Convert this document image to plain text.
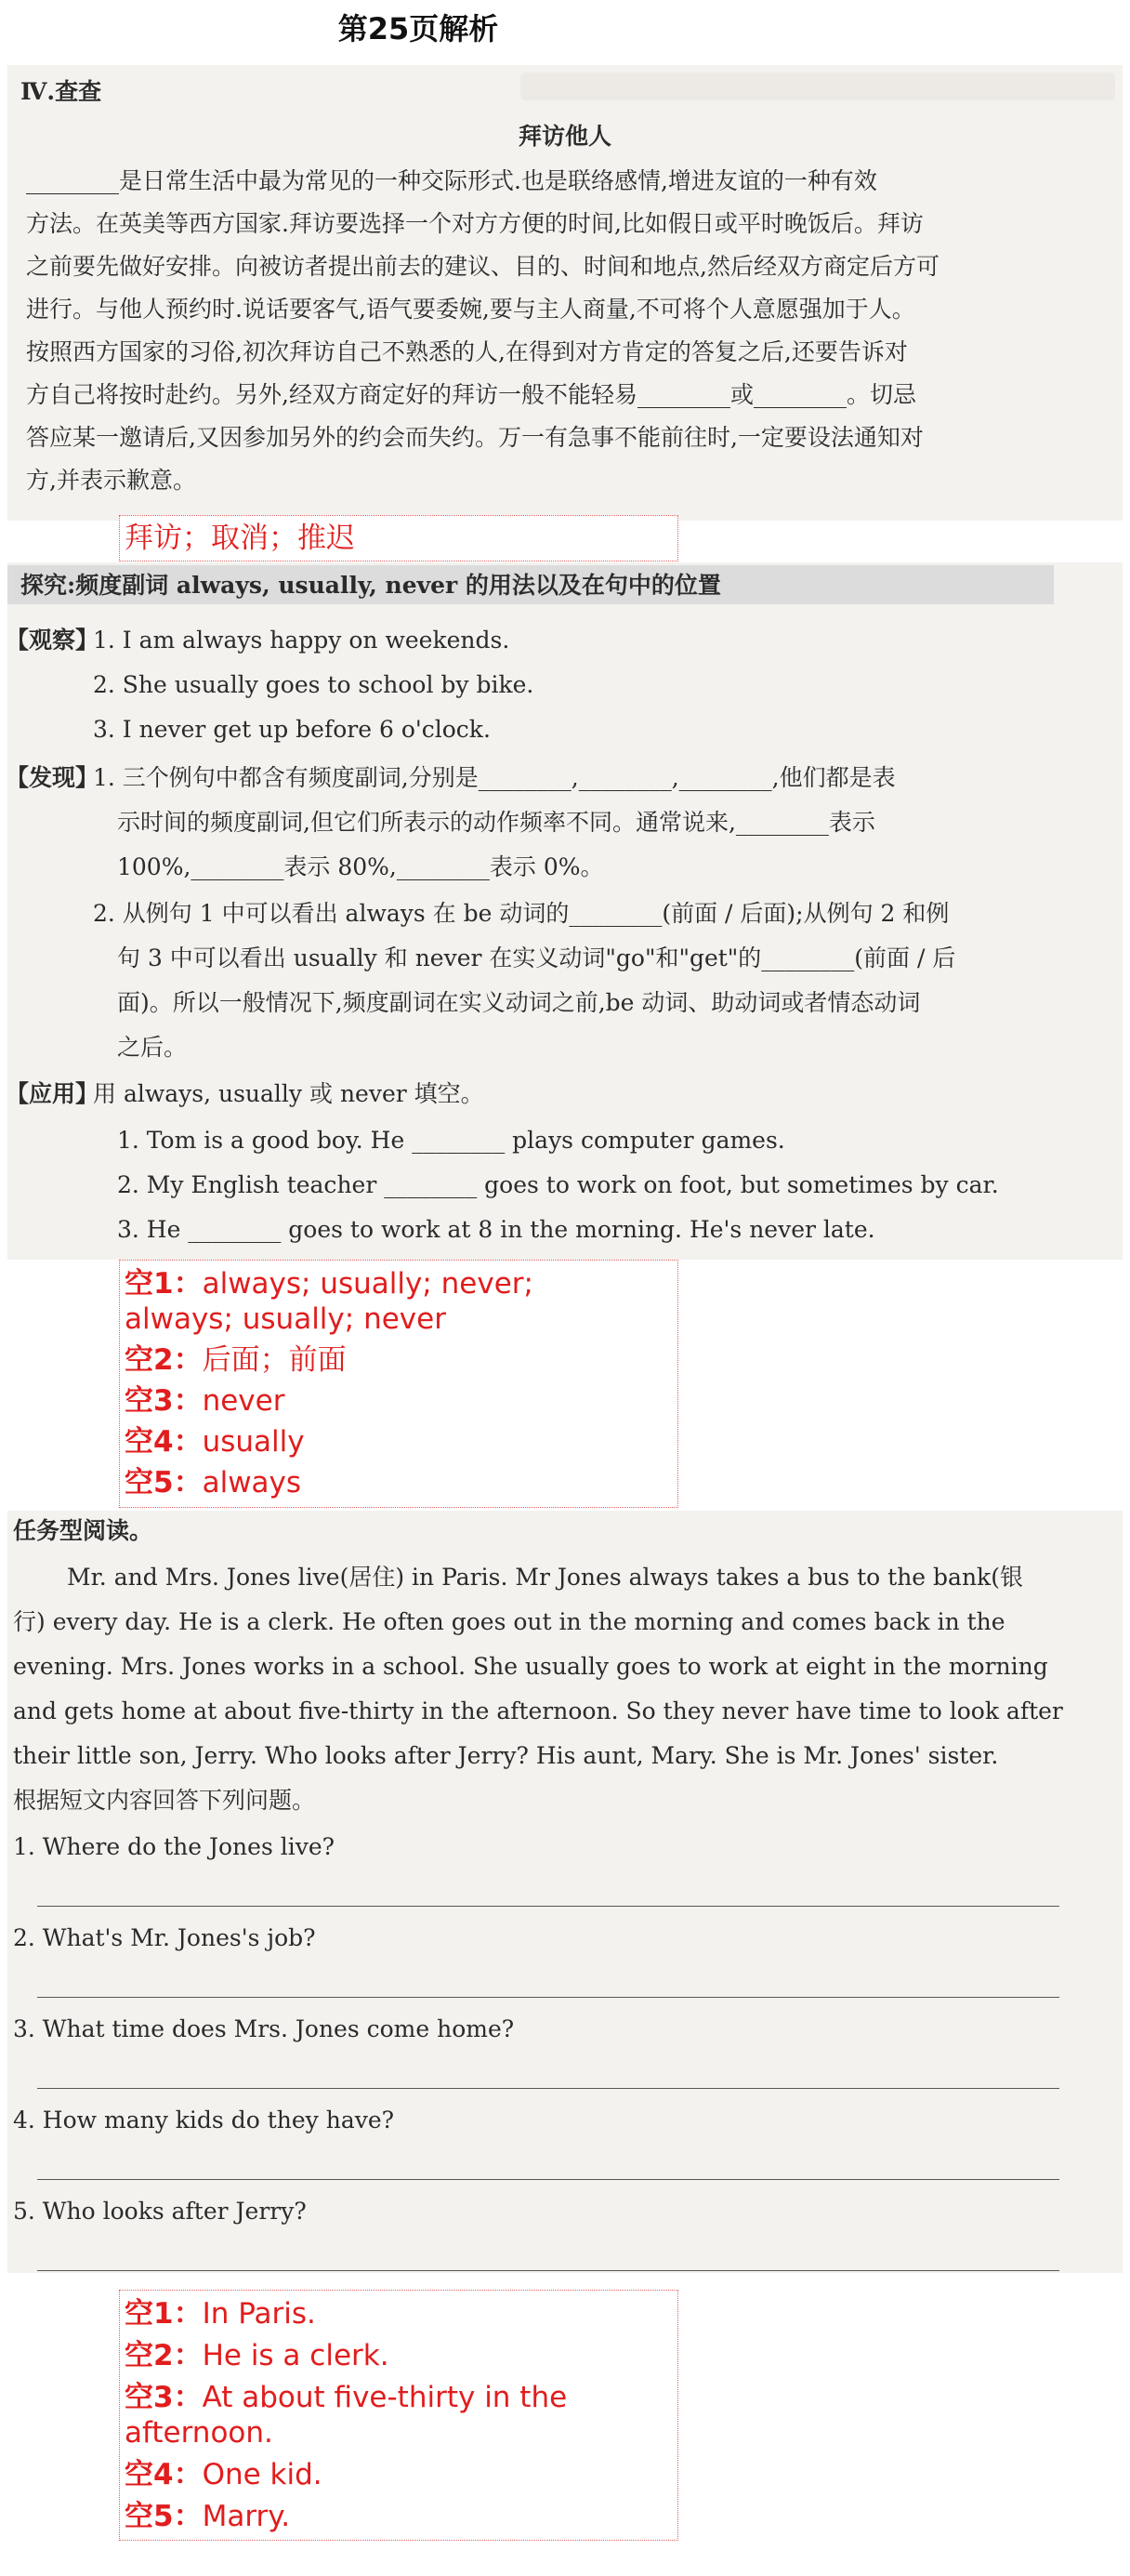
第25页解析
Ⅳ.查查
拜访他人
________是日常生活中最为常见的一种交际形式.也是联络感情,增进友谊的一种有效
方法。在英美等西方国家.拜访要选择一个对方方便的时间,比如假日或平时晚饭后。拜访
之前要先做好安排。向被访者提出前去的建议、目的、时间和地点,然后经双方商定后方可
进行。与他人预约时.说话要客气,语气要委婉,要与主人商量,不可将个人意愿强加于人。
按照西方国家的习俗,初次拜访自己不熟悉的人,在得到对方肯定的答复之后,还要告诉对
方自己将按时赴约。另外,经双方商定好的拜访一般不能轻易________或________。切忌
答应某一邀请后,又因参加另外的约会而失约。万一有急事不能前往时,一定要设法通知对
方,并表示歉意。
拜访；取消；推迟
探究:频度副词 always, usually, never 的用法以及在句中的位置
【观察】
1. I am always happy on weekends.
2. She usually goes to school by bike.
3. I never get up before 6 o'clock.
【发现】
1. 三个例句中都含有频度副词,分别是________,________,________,他们都是表
示时间的频度副词,但它们所表示的动作频率不同。通常说来,________表示
100%,________表示 80%,________表示 0%。
2. 从例句 1 中可以看出 always 在 be 动词的________(前面 / 后面);从例句 2 和例
句 3 中可以看出 usually 和 never 在实义动词"go"和"get"的________(前面 / 后
面)。所以一般情况下,频度副词在实义动词之前,be 动词、助动词或者情态动词
之后。
【应用】
用 always, usually 或 never 填空。
1. Tom is a good boy. He ________ plays computer games.
2. My English teacher ________ goes to work on foot, but sometimes by car.
3. He ________ goes to work at 8 in the morning. He's never late.
空1：always; usually; never;
always; usually; never
空2：后面；前面
空3：never
空4：usually
空5：always
任务型阅读。
Mr. and Mrs. Jones live(居住) in Paris. Mr Jones always takes a bus to the bank(银
行) every day. He is a clerk. He often goes out in the morning and comes back in the
evening. Mrs. Jones works in a school. She usually goes to work at eight in the morning
and gets home at about five-thirty in the afternoon. So they never have time to look after
their little son, Jerry. Who looks after Jerry? His aunt, Mary. She is Mr. Jones' sister.
根据短文内容回答下列问题。
1. Where do the Jones live?
2. What's Mr. Jones's job?
3. What time does Mrs. Jones come home?
4. How many kids do they have?
5. Who looks after Jerry?
空1：In Paris.
空2：He is a clerk.
空3：At about five-thirty in the
afternoon.
空4：One kid.
空5：Marry.
